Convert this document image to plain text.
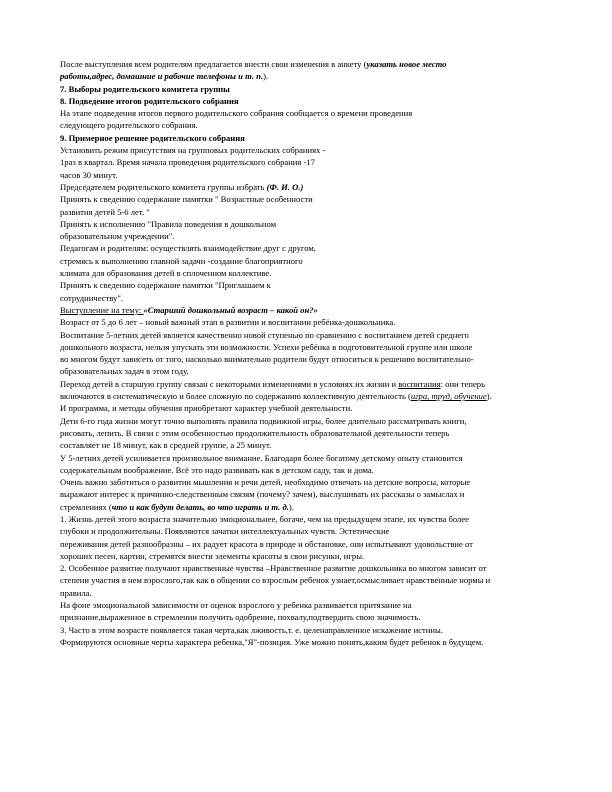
После выступления всем родителям предлагается внести свои изменения в анкету (указать новое место
работы,адрес, домашние и рабочие телефоны и т. п.).
7. Выборы родительского комитета группы
8. Подведение итогов родительского собрания
На этапе подведения итогов первого родительского собрания сообщается о времени проведения
следующего родительского собрания.
9. Примерное решение родительского собрания
Установить режим присутствия на групповых родительских собраниях -
1раз в квартал. Время начала проведения родительского собрания -17
часов 30 минут.
Председателем родительского комитета группы избрать (Ф. И. О.)
Принять к сведению содержание памятки " Возрастные особенности
развития детей 5-6 лет. "
Принять к исполнению "Правила поведения в дошкольном
образовательном учреждении".
Педагогам и родителям: осуществлять взаимодействие друг с другом,
стремясь к выполнению главной задачи -создание благоприятного
климата для образования детей в сплоченном коллективе.
Принять к сведению содержание памятки "Приглашаем к
сотрудничеству".
Выступление на тему: «Старший дошкольный возраст – какой он?»
Возраст от 5 до 6 лет – новый важный этап в развитии и воспитании ребёнка-дошкольника.
Воспитание 5-летних детей является качественно новой ступенью по сравнению с воспитанием детей среднего
дошкольного возраста, нельзя упускать эти возможности. Успехи ребёнка в подготовительной группе или школе
во многом будут зависеть от того, насколько внимательно родители будут относиться к решению воспитательно-
образовательных задач в этом году.
Переход детей в старшую группу связан с некоторыми изменениями в условиях их жизни и воспитания: они теперь
включаются в систематическую и более сложную по содержанию коллективную деятельность (игра, труд, обучение).
И программа, и методы обучения приобретают характер учебной деятельности.
Дети 6-го года жизни могут точно выполнять правила подвижной игры, более длительно рассматривать книги,
рисовать, лепить. В связи с этим особенностью продолжительность образовательной деятельности теперь
составляет не 18 минут, как в средней группе, а 25 минут.
У 5-летних детей усиливается произвольное внимание. Благодаря более богатому детскому опыту становится
содержательным воображение. Всё это надо развивать как в детском саду, так и дома.
Очень важно заботиться о развитии мышления и речи детей, необходимо отвечать на детские вопросы, которые
выражают интерес к причинно-следственным связям (почему? зачем), выслушивать их рассказы о замыслах и
стремлениях (что и как будут делать, во что играть и т. д.).
1. Жизнь детей этого возраста значительно эмоциональнее, богаче, чем на предыдущем этапе, их чувства более
глубоки и продолжительны. Появляются зачатки интеллектуальных чувств. Эстетические
переживания детей разнообразны – их радует красота в природе и обстановке, они испытывают удовольствие от
хороших песен, картин, стремятся внести элементы красоты в свои рисунки, игры.
2. Особенное развитие получают нравственные чувства –Нравственное развитие дошкольника во многом зависит от
степени участия в нем взрослого,так как в общении со взрослым ребенок узнает,осмысливает нравственные нормы и
правила.
На фоне эмоциональной зависимости от оценок взрослого у ребенка развивается притязание на
признание,выраженное в стремлении получить одобрение, похвалу,подтвердить свою значимость.
3. Часто в этом возрасте появляется такая черта,как лживость,т. е. целенаправленное искажение истины.
Формируются основные черты характера ребенка,"Я"-позиция. Уже можно понять,каким будет ребенок в будущем.
